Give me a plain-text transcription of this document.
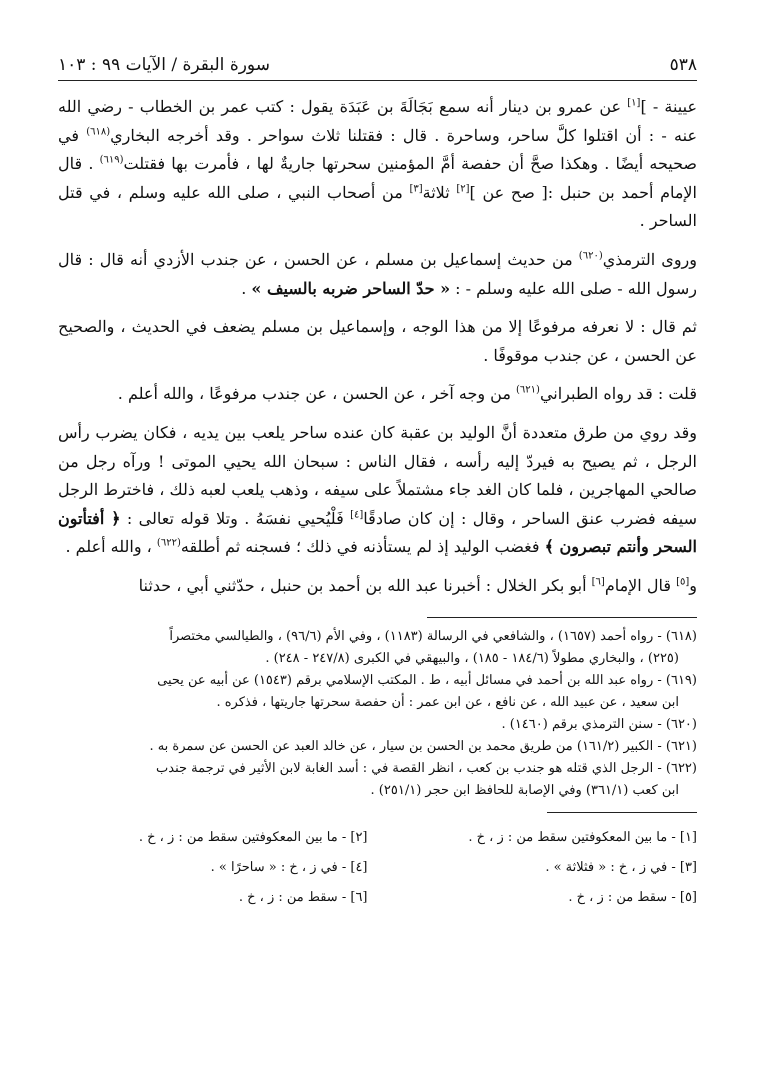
٥٣٨
سورة البقرة / الآيات ٩٩ : ١٠٣

عيينة - ][١] عن عمرو بن دينار أنه سمع بَجَالَةَ بن عَبَدَة يقول : كتب عمر بن الخطاب - رضي الله عنه - : أن اقتلوا كلَّ ساحر، وساحرة . قال : فقتلنا ثلاث سواحر . وقد أخرجه البخاري$^{(٦١٨)}$ في صحيحه أيضًا . وهكذا صحَّ أن حفصة أمَّ المؤمنين سحرتها جاريةٌ لها ، فأمرت بها فقتلت$^{(٦١٩)}$ . قال الإمام أحمد بن حنبل :[ صح عن ][٢] ثلاثة[٣] من أصحاب النبي ، صلى الله عليه وسلم ، في قتل الساحر .

وروى الترمذي$^{(٦٢٠)}$ من حديث إسماعيل بن مسلم ، عن الحسن ، عن جندب الأزدي أنه قال : قال رسول الله - صلى الله عليه وسلم - : « حدّ الساحر ضربه بالسيف » .

ثم قال : لا نعرفه مرفوعًا إلا من هذا الوجه ، وإسماعيل بن مسلم يضعف في الحديث ، والصحيح عن الحسن ، عن جندب موقوفًا .

قلت : قد رواه الطبراني$^{(٦٢١)}$ من وجه آخر ، عن الحسن ، عن جندب مرفوعًا ، والله أعلم .

وقد روي من طرق متعددة أنَّ الوليد بن عقبة كان عنده ساحر يلعب بين يديه ، فكان يضرب رأس الرجل ، ثم يصيح به فيردّ إليه رأسه ، فقال الناس : سبحان الله يحيي الموتى ! ورآه رجل من صالحي المهاجرين ، فلما كان الغد جاء مشتملاً على سيفه ، وذهب يلعب لعبه ذلك ، فاخترط الرجل سيفه فضرب عنق الساحر ، وقال : إن كان صادقًا[٤] فَلْيُحيي نفسَهُ . وتلا قوله تعالى : ﴿ أفتأتون السحر وأنتم تبصرون ﴾ فغضب الوليد إذ لم يستأذنه في ذلك ؛ فسجنه ثم أطلقه$^{(٦٢٢)}$ ، والله أعلم .

و[٥] قال الإمام[٦] أبو بكر الخلال : أخبرنا عبد الله بن أحمد بن حنبل ، حدّثني أبي ، حدثنا

(٦١٨) - رواه أحمد (١٦٥٧) ، والشافعي في الرسالة (١١٨٣) ، وفي الأم (٩٦/٦) ، والطيالسي مختصراً
(٢٢٥) ، والبخاري مطولاً (١٨٤/٦ - ١٨٥) ، والبيهقي في الكبرى (٢٤٧/٨ - ٢٤٨) .
(٦١٩) - رواه عبد الله بن أحمد في مسائل أبيه ، ط . المكتب الإسلامي برقم (١٥٤٣) عن أبيه عن يحيى
ابن سعيد ، عن عبيد الله ، عن نافع ، عن ابن عمر : أن حفصة سحرتها جاريتها ، فذكره .
(٦٢٠) - سنن الترمذي برقم (١٤٦٠) .
(٦٢١) - الكبير (١٦١/٢) من طريق محمد بن الحسن بن سيار ، عن خالد العبد عن الحسن عن سمرة به .
(٦٢٢) - الرجل الذي قتله هو جندب بن كعب ، انظر القصة في : أسد الغابة لابن الأثير في ترجمة جندب
ابن كعب (٣٦١/١) وفي الإصابة للحافظ ابن حجر (٢٥١/١) .
[١] - ما بين المعكوفتين سقط من : ز ، خ .
[٢] - ما بين المعكوفتين سقط من : ز ، خ .
[٣] - في ز ، خ : « فثلاثة » .
[٤] - في ز ، خ : « ساحرًا » .
[٥] - سقط من : ز ، خ .
[٦] - سقط من : ز ، خ .
